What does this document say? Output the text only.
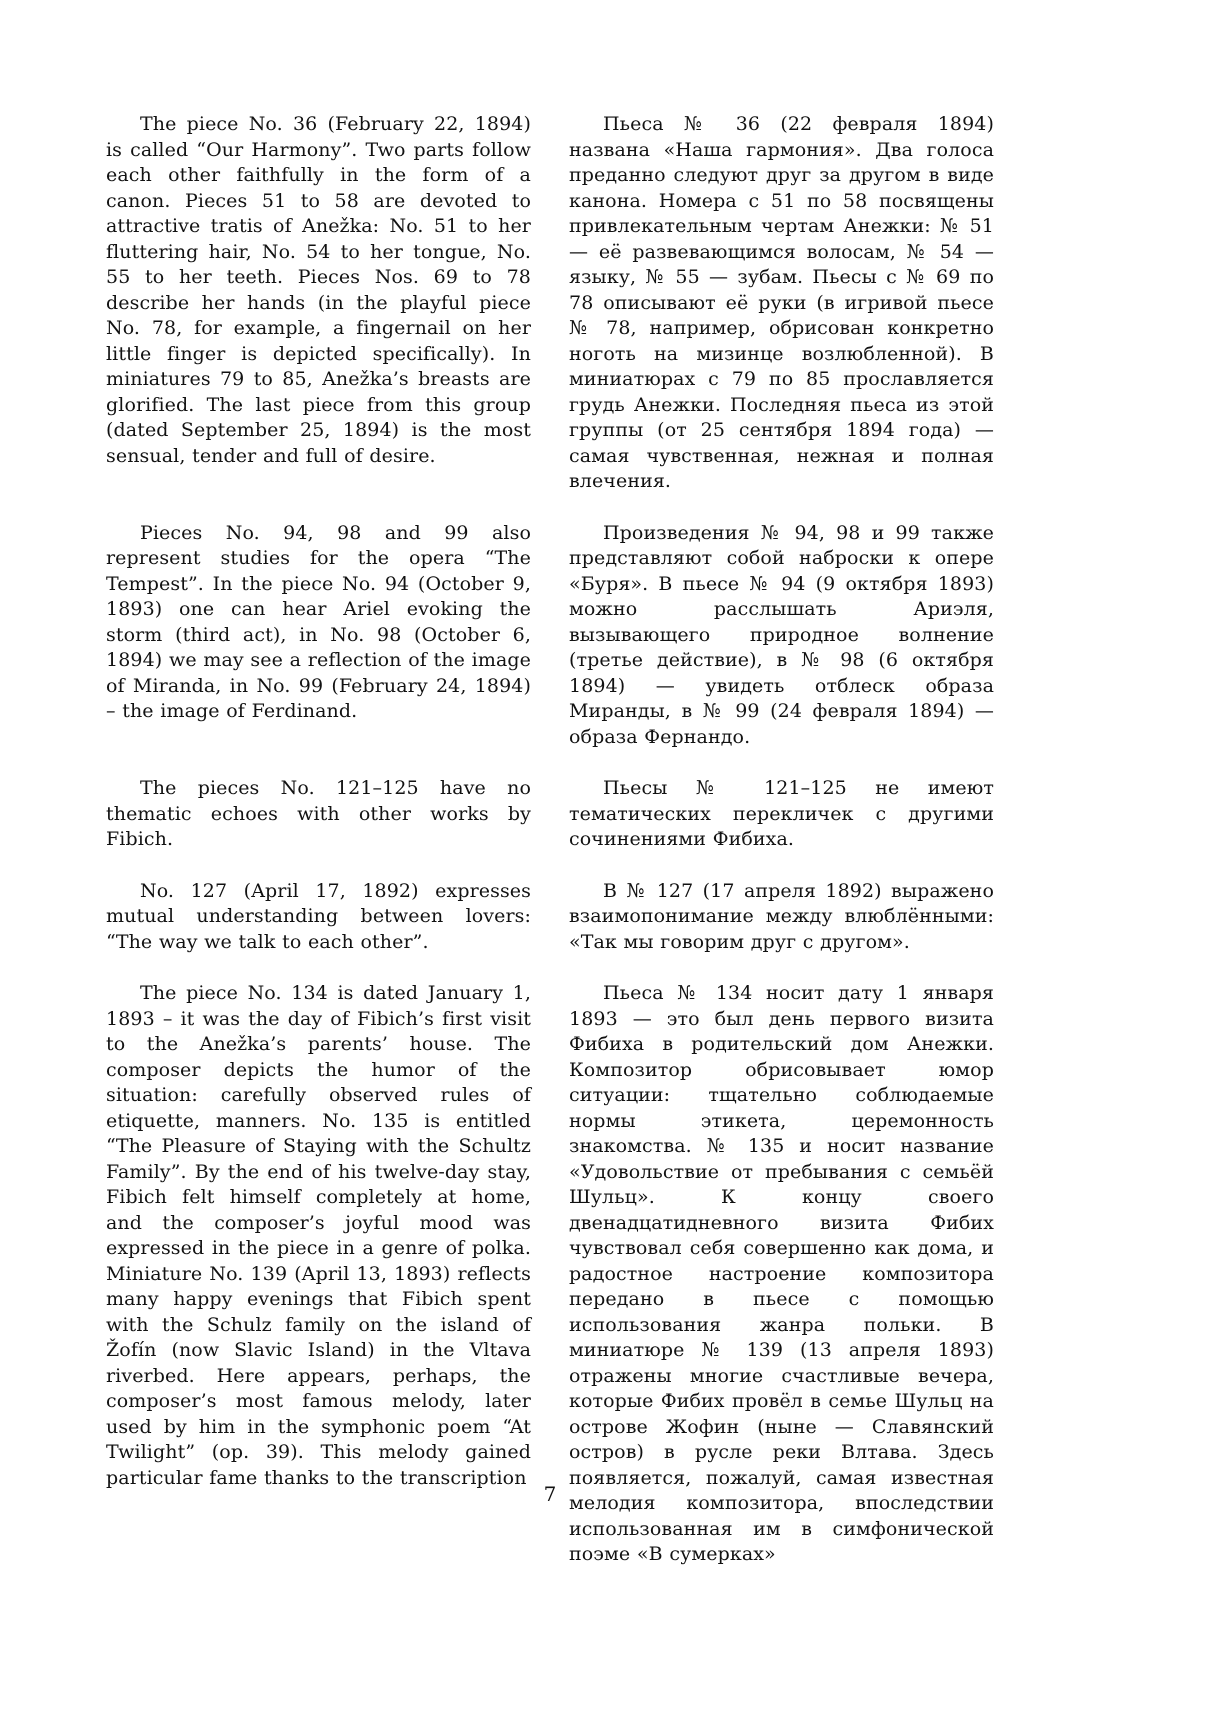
The piece No. 36 (February 22, 1894) is called “Our Harmony”. Two parts follow each other faithfully in the form of a canon. Pieces 51 to 58 are devoted to attractive tratis of Anežka: No. 51 to her fluttering hair, No. 54 to her tongue, No. 55 to her teeth. Pieces Nos. 69 to 78 describe her hands (in the playful piece No. 78, for example, a fingernail on her little finger is depicted specifically). In miniatures 79 to 85, Anežka’s breasts are glorified. The last piece from this group (dated September 25, 1894) is the most sensual, tender and full of desire.

Пьеса № 36 (22 февраля 1894) названа «Наша гармония». Два голоса преданно следуют друг за другом в виде канона. Номера с 51 по 58 посвящены привлекательным чертам Анежки: № 51 — её развевающимся волосам, № 54 — языку, № 55 — зубам. Пьесы с № 69 по 78 описывают её руки (в игривой пьесе № 78, например, обрисован конкретно ноготь на мизинце возлюбленной). В миниатюрах с 79 по 85 прославляется грудь Анежки. Последняя пьеса из этой группы (от 25 сентября 1894 года) — самая чувственная, нежная и полная влечения.

Pieces No. 94, 98 and 99 also represent studies for the opera “The Tempest”. In the piece No. 94 (October 9, 1893) one can hear Ariel evoking the storm (third act), in No. 98 (October 6, 1894) we may see a reflection of the image of Miranda, in No. 99 (February 24, 1894) – the image of Ferdinand.

Произведения № 94, 98 и 99 также представляют собой наброски к опере «Буря». В пьесе № 94 (9 октября 1893) можно расслышать Ариэля, вызывающего природное волнение (третье действие), в № 98 (6 октября 1894) — увидеть отблеск образа Миранды, в № 99 (24 февраля 1894) — образа Фернандо.

The pieces No. 121–125 have no thematic echoes with other works by Fibich.

Пьесы № 121–125 не имеют тематических перекличек с другими сочинениями Фибиха.

No. 127 (April 17, 1892) expresses mutual understanding between lovers: “The way we talk to each other”.

В № 127 (17 апреля 1892) выражено взаимопонимание между влюблёнными: «Так мы говорим друг с другом».

The piece No. 134 is dated January 1, 1893 – it was the day of Fibich’s first visit to the Anežka’s parents’ house. The composer depicts the humor of the situation: carefully observed rules of etiquette, manners. No. 135 is entitled “The Pleasure of Staying with the Schultz Family”. By the end of his twelve-day stay, Fibich felt himself completely at home, and the composer’s joyful mood was expressed in the piece in a genre of polka. Miniature No. 139 (April 13, 1893) reflects many happy evenings that Fibich spent with the Schulz family on the island of Žofín (now Slavic Island) in the Vltava riverbed. Here appears, perhaps, the composer’s most famous melody, later used by him in the symphonic poem “At Twilight” (op. 39). This melody gained particular fame thanks to the transcription

Пьеса № 134 носит дату 1 января 1893 — это был день первого визита Фибиха в родительский дом Анежки. Композитор обрисовывает юмор ситуации: тщательно соблюдаемые нормы этикета, церемонность знакомства. № 135 и носит название «Удовольствие от пребывания с семьёй Шульц». К концу своего двенадцатидневного визита Фибих чувствовал себя совершенно как дома, и радостное настроение композитора передано в пьесе с помощью использования жанра польки. В миниатюре № 139 (13 апреля 1893) отражены многие счастливые вечера, которые Фибих провёл в семье Шульц на острове Жофин (ныне — Славянский остров) в русле реки Влтава. Здесь появляется, пожалуй, самая известная мелодия композитора, впоследствии использованная им в симфонической поэме «В сумерках»

7
